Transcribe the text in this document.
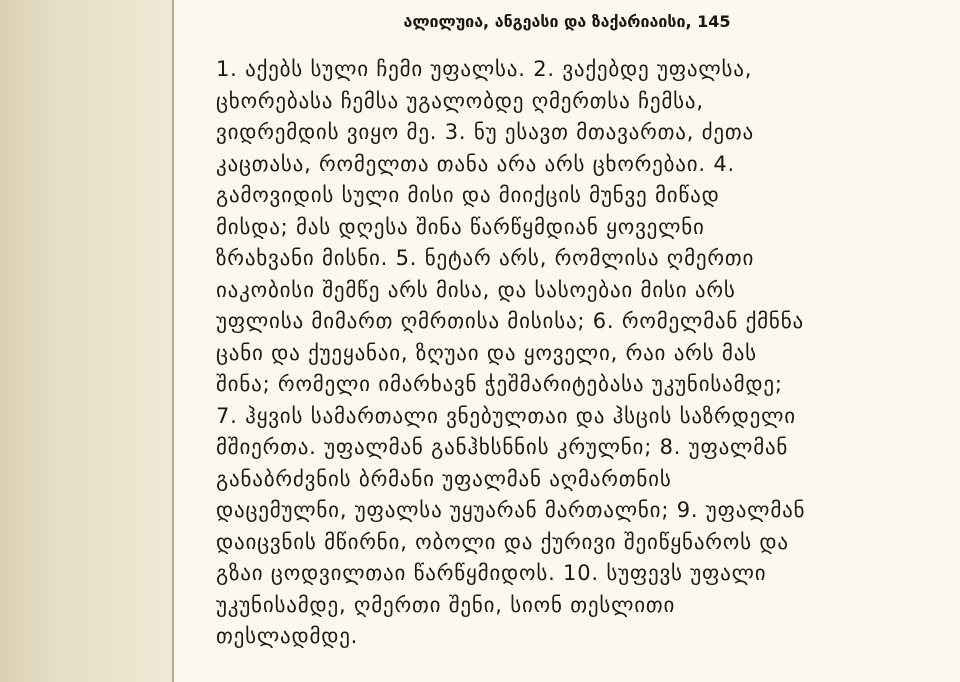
ალილუია, ანგეასი და ზაქარიაისი, 145
1. აქებს სული ჩემი უფალსა. 2. ვაქებდე უფალსა,
ცხორებასა ჩემსა უგალობდე ღმერთსა ჩემსა,
ვიდრემდის ვიყო მე. 3. ნუ ესავთ მთავართა, ძეთა
კაცთასა, რომელთა თანა არა არს ცხორებაი. 4.
გამოვიდის სული მისი და მიიქცის მუნვე მიწად
მისდა; მას დღესა შინა წარწყმდიან ყოველნი
ზრახვანი მისნი. 5. ნეტარ არს, რომლისა ღმერთი
იაკობისი შემწე არს მისა, და სასოებაი მისი არს
უფლისა მიმართ ღმრთისა მისისა; 6. რომელმან ქმნნა
ცანი და ქუეყანაი, ზღუაი და ყოველი, რაი არს მას
შინა; რომელი იმარხავნ ჭეშმარიტებასა უკუნისამდე;
7. ჰყვის სამართალი ვნებულთაი და ჰსცის საზრდელი
მშიერთა. უფალმან განჰხსნნის კრულნი; 8. უფალმან
განაბრძვნის ბრმანი უფალმან აღმართნის
დაცემულნი, უფალსა უყუარან მართალნი; 9. უფალმან
დაიცვნის მწირნი, ობოლი და ქურივი შეიწყნაროს და
გზაი ცოდვილთაი წარწყმიდოს. 10. სუფევს უფალი
უკუნისამდე, ღმერთი შენი, სიონ თესლითი
თესლადმდე.
